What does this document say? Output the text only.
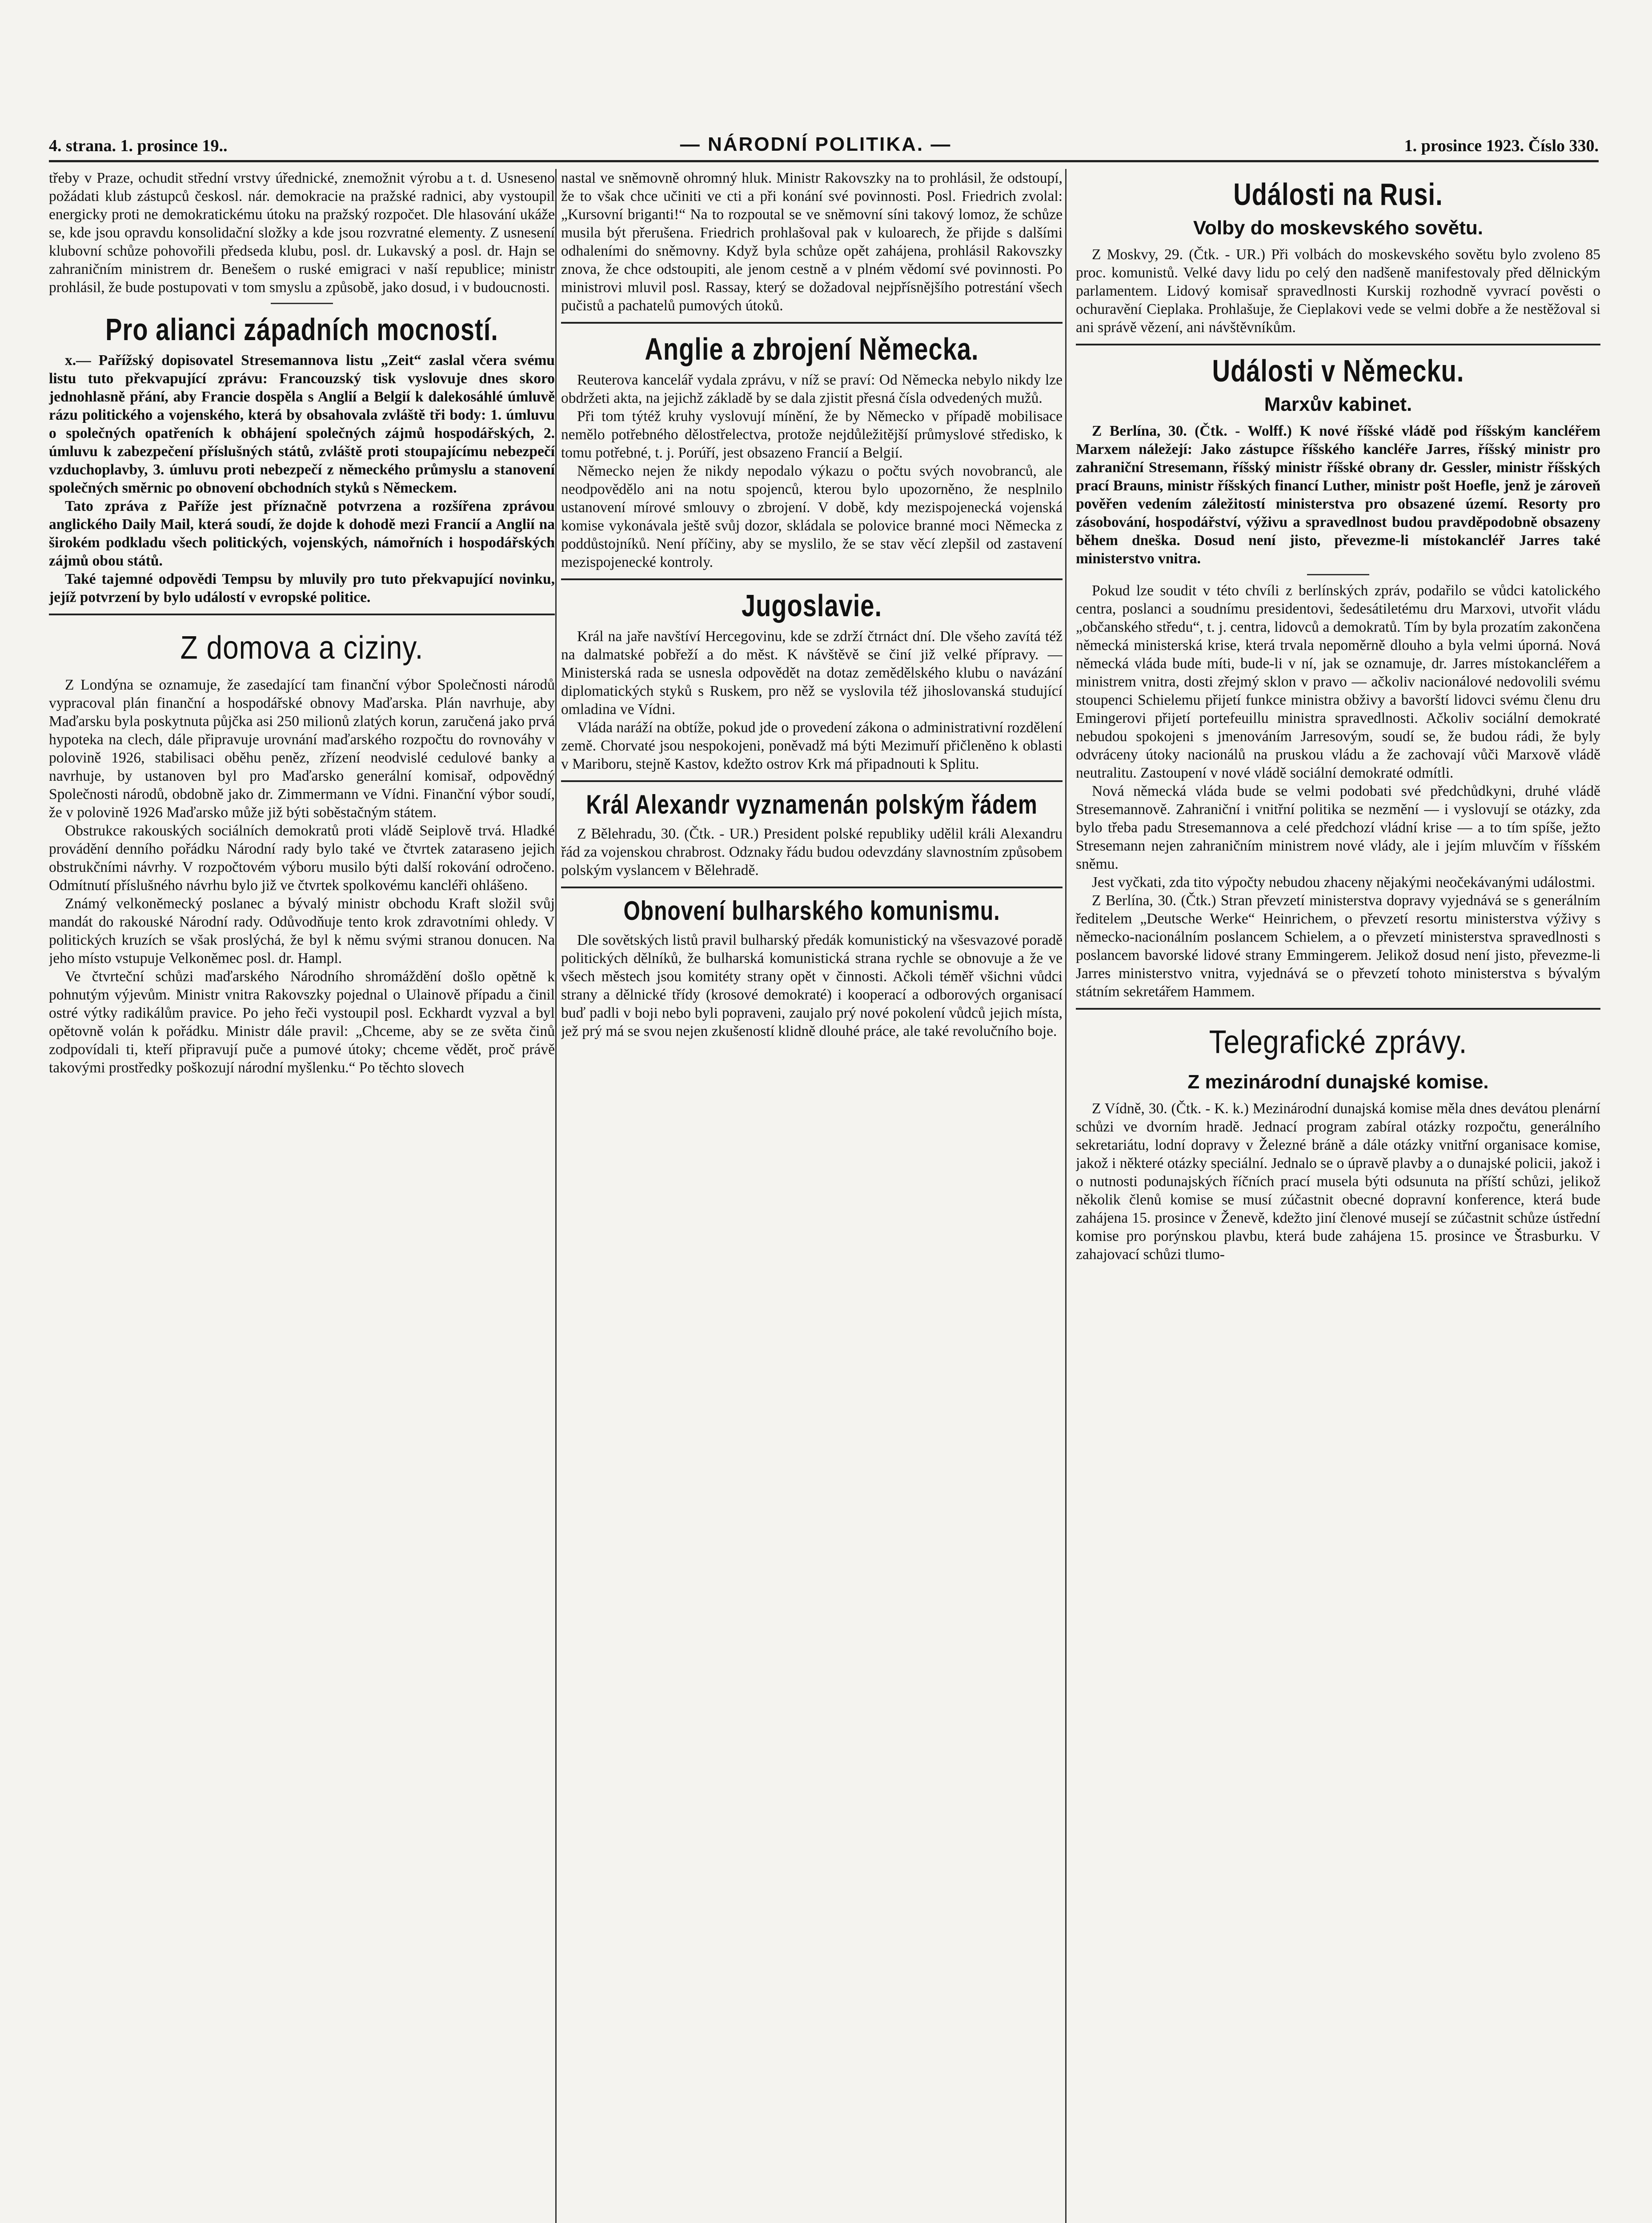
4. strana. 1. prosince 19..	— NÁRODNÍ POLITIKA. —	1. prosince 1923. Číslo 330.

třeby v Praze, ochudit střední vrstvy úřednické, znemožnit výrobu a t. d. Usneseno požádati klub zástupců českosl. nár. demokracie na pražské radnici, aby vystoupil energicky proti ne demokratickému útoku na pražský rozpočet. Dle hlasování ukáže se, kde jsou opravdu konsolidační složky a kde jsou rozvratné elementy. Z usnesení klubovní schůze pohovořili předseda klubu, posl. dr. Lukavský a posl. dr. Hajn se zahraničním ministrem dr. Benešem o ruské emigraci v naší republice; ministr prohlásil, že bude postupovati v tom smyslu a způsobě, jako dosud, i v budoucnosti.

Pro alianci západních mocností.

x.— Pařížský dopisovatel Stresemannova listu „Zeit“ zaslal včera svému listu tuto překvapující zprávu: Francouzský tisk vyslovuje dnes skoro jednohlasně přání, aby Francie dospěla s Anglií a Belgií k dalekosáhlé úmluvě rázu politického a vojenského, která by obsahovala zvláště tři body: 1. úmluvu o společných opatřeních k obhájení společných zájmů hospodářských, 2. úmluvu k zabezpečení příslušných států, zvláště proti stoupajícímu nebezpečí vzduchoplavby, 3. úmluvu proti nebezpečí z německého průmyslu a stanovení společných směrnic po obnovení obchodních styků s Německem.

Tato zpráva z Paříže jest příznačně potvrzena a rozšířena zprávou anglického Daily Mail, která soudí, že dojde k dohodě mezi Francií a Anglií na širokém podkladu všech politických, vojenských, námořních i hospodářských zájmů obou států.

Také tajemné odpovědi Tempsu by mluvily pro tuto překvapující novinku, jejíž potvrzení by bylo událostí v evropské politice.

Z domova a ciziny.

Z Londýna se oznamuje, že zasedající tam finanční výbor Společnosti národů vypracoval plán finanční a hospodářské obnovy Maďarska. Plán navrhuje, aby Maďarsku byla poskytnuta půjčka asi 250 milionů zlatých korun, zaručená jako prvá hypoteka na clech, dále připravuje urovnání maďarského rozpočtu do rovnováhy v polovině 1926, stabilisaci oběhu peněz, zřízení neodvislé cedulové banky a navrhuje, by ustanoven byl pro Maďarsko generální komisař, odpovědný Společnosti národů, obdobně jako dr. Zimmermann ve Vídni. Finanční výbor soudí, že v polovině 1926 Maďarsko může již býti soběstačným státem.

Obstrukce rakouských sociálních demokratů proti vládě Seiplově trvá. Hladké provádění denního pořádku Národní rady bylo také ve čtvrtek zataraseno jejich obstrukčními návrhy. V rozpočtovém výboru musilo býti další rokování odročeno. Odmítnutí příslušného návrhu bylo již ve čtvrtek spolkovému kancléři ohlášeno.

Známý velkoněmecký poslanec a bývalý ministr obchodu Kraft složil svůj mandát do rakouské Národní rady. Odůvodňuje tento krok zdravotními ohledy. V politických kruzích se však proslýchá, že byl k němu svými stranou donucen. Na jeho místo vstupuje Velkoněmec posl. dr. Hampl.

Ve čtvrteční schůzi maďarského Národního shromáždění došlo opětně k pohnutým výjevům. Ministr vnitra Rakovszky pojednal o Ulainově případu a činil ostré výtky radikálům pravice. Po jeho řeči vystoupil posl. Eckhardt vyzval a byl opětovně volán k pořádku. Ministr dále pravil: „Chceme, aby se ze světa činů zodpovídali ti, kteří připravují puče a pumové útoky; chceme vědět, proč právě takovými prostředky poškozují národní myšlenku.“ Po těchto slovech

nastal ve sněmovně ohromný hluk. Ministr Rakovszky na to prohlásil, že odstoupí, že to však chce učiniti ve cti a při konání své povinnosti. Posl. Friedrich zvolal: „Kursovní briganti!“ Na to rozpoutal se ve sněmovní síni takový lomoz, že schůze musila být přerušena. Friedrich prohlašoval pak v kuloarech, že přijde s dalšími odhaleními do sněmovny. Když byla schůze opět zahájena, prohlásil Rakovszky znova, že chce odstoupiti, ale jenom cestně a v plném vědomí své povinnosti. Po ministrovi mluvil posl. Rassay, který se dožadoval nejpřísnějšího potrestání všech pučistů a pachatelů pumových útoků.

Anglie a zbrojení Německa.

Reuterova kancelář vydala zprávu, v níž se praví: Od Německa nebylo nikdy lze obdržeti akta, na jejichž základě by se dala zjistit přesná čísla odvedených mužů.

Při tom týtéž kruhy vyslovují mínění, že by Německo v případě mobilisace nemělo potřebného dělostřelectva, protože nejdůležitější průmyslové středisko, k tomu potřebné, t. j. Porúří, jest obsazeno Francií a Belgií.

Německo nejen že nikdy nepodalo výkazu o počtu svých novobranců, ale neodpovědělo ani na notu spojenců, kterou bylo upozorněno, že nesplnilo ustanovení mírové smlouvy o zbrojení. V době, kdy mezispojenecká vojenská komise vykonávala ještě svůj dozor, skládala se polovice branné moci Německa z poddůstojníků. Není příčiny, aby se myslilo, že se stav věcí zlepšil od zastavení mezispojenecké kontroly.

Jugoslavie.

Král na jaře navštíví Hercegovinu, kde se zdrží čtrnáct dní. Dle všeho zavítá též na dalmatské pobřeží a do měst. K návštěvě se činí již velké přípravy. — Ministerská rada se usnesla odpovědět na dotaz zemědělského klubu o navázání diplomatických styků s Ruskem, pro něž se vyslovila též jihoslovanská studující omladina ve Vídni.

Vláda naráží na obtíže, pokud jde o provedení zákona o administrativní rozdělení země. Chorvaté jsou nespokojeni, poněvadž má býti Mezimuří přičleněno k oblasti v Mariboru, stejně Kastov, kdežto ostrov Krk má připadnouti k Splitu.

Král Alexandr vyznamenán polským řádem

Z Bělehradu, 30. (Čtk. - UR.) President polské republiky udělil králi Alexandru řád za vojenskou chrabrost. Odznaky řádu budou odevzdány slavnostním způsobem polským vyslancem v Bělehradě.

Obnovení bulharského komunismu.

Dle sovětských listů pravil bulharský předák komunistický na všesvazové poradě politických dělníků, že bulharská komunistická strana rychle se obnovuje a že ve všech městech jsou komitéty strany opět v činnosti. Ačkoli téměř všichni vůdci strany a dělnické třídy (krosové demokraté) i kooperací a odborových organisací buď padli v boji nebo byli popraveni, zaujalo prý nové pokolení vůdců jejich místa, jež prý má se svou nejen zkušeností klidně dlouhé práce, ale také revolučního boje.

Události na Rusi.
Volby do moskevského sovětu.

Z Moskvy, 29. (Čtk. - UR.) Při volbách do moskevského sovětu bylo zvoleno 85 proc. komunistů. Velké davy lidu po celý den nadšeně manifestovaly před dělnickým parlamentem. Lidový komisař spravedlnosti Kurskij rozhodně vyvrací pověsti o ochuravění Cieplaka. Prohlašuje, že Cieplakovi vede se velmi dobře a že nestěžoval si ani správě vězení, ani návštěvníkům.

Události v Německu.
Marxův kabinet.

Z Berlína, 30. (Čtk. - Wolff.) K nové říšské vládě pod říšským kancléřem Marxem náležejí: Jako zástupce říšského kancléře Jarres, říšský ministr pro zahraniční Stresemann, říšský ministr říšské obrany dr. Gessler, ministr říšských prací Brauns, ministr říšských financí Luther, ministr pošt Hoefle, jenž je zároveň pověřen vedením záležitostí ministerstva pro obsazené území. Resorty pro zásobování, hospodářství, výživu a spravedlnost budou pravděpodobně obsazeny během dneška. Dosud není jisto, převezme-li místokancléř Jarres také ministerstvo vnitra.

Pokud lze soudit v této chvíli z berlínských zpráv, podařilo se vůdci katolického centra, poslanci a soudnímu presidentovi, šedesátiletému dru Marxovi, utvořit vládu „občanského středu“, t. j. centra, lidovců a demokratů. Tím by byla prozatím zakončena německá ministerská krise, která trvala nepoměrně dlouho a byla velmi úporná. Nová německá vláda bude míti, bude-li v ní, jak se oznamuje, dr. Jarres místokancléřem a ministrem vnitra, dosti zřejmý sklon v pravo — ačkoliv nacionálové nedovolili svému stoupenci Schielemu přijetí funkce ministra obživy a bavorští lidovci svému členu dru Emingerovi přijetí portefeuillu ministra spravedlnosti. Ačkoliv sociální demokraté nebudou spokojeni s jmenováním Jarresovým, soudí se, že budou rádi, že byly odvráceny útoky nacionálů na pruskou vládu a že zachovají vůči Marxově vládě neutralitu. Zastoupení v nové vládě sociální demokraté odmítli.

Nová německá vláda bude se velmi podobati své předchůdkyni, druhé vládě Stresemannově. Zahraniční i vnitřní politika se nezmění — i vyslovují se otázky, zda bylo třeba padu Stresemannova a celé předchozí vládní krise — a to tím spíše, ježto Stresemann nejen zahraničním ministrem nové vlády, ale i jejím mluvčím v říšském sněmu.

Jest vyčkati, zda tito výpočty nebudou zhaceny nějakými neočekávanými událostmi.

Z Berlína, 30. (Čtk.) Stran převzetí ministerstva dopravy vyjednává se s generálním ředitelem „Deutsche Werke“ Heinrichem, o převzetí resortu ministerstva výživy s německo-nacionálním poslancem Schielem, a o převzetí ministerstva spravedlnosti s poslancem bavorské lidové strany Emmingerem. Jelikož dosud není jisto, převezme-li Jarres ministerstvo vnitra, vyjednává se o převzetí tohoto ministerstva s bývalým státním sekretářem Hammem.

Telegrafické zprávy.
Z mezinárodní dunajské komise.

Z Vídně, 30. (Čtk. - K. k.) Mezinárodní dunajská komise měla dnes devátou plenární schůzi ve dvorním hradě. Jednací program zabíral otázky rozpočtu, generálního sekretariátu, lodní dopravy v Železné bráně a dále otázky vnitřní organisace komise, jakož i některé otázky speciální. Jednalo se o úpravě plavby a o dunajské policii, jakož i o nutnosti podunajských říčních prací musela býti odsunuta na příští schůzi, jelikož několik členů komise se musí zúčastnit obecné dopravní konference, která bude zahájena 15. prosince v Ženevě, kdežto jiní členové musejí se zúčastnit schůze ústřední komise pro porýnskou plavbu, která bude zahájena 15. prosince ve Štrasburku. V zahajovací schůzi tlumo-
